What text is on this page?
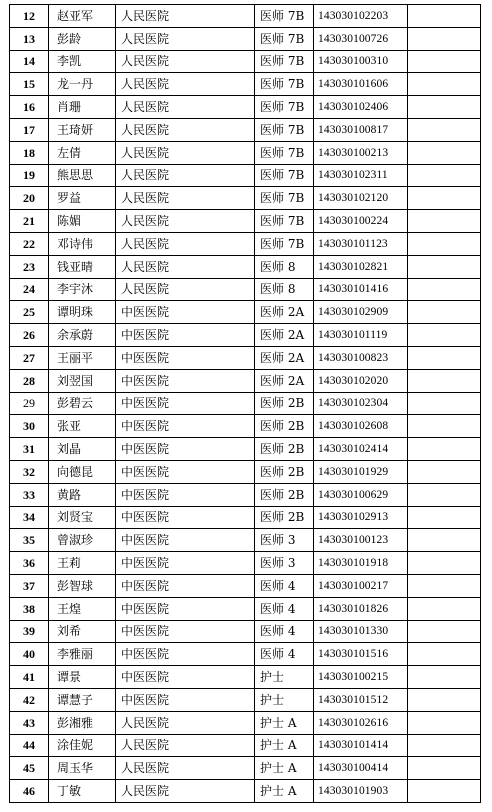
12	赵亚军	人民医院	医师 7B	143030102203	
13	彭龄	人民医院	医师 7B	143030100726	
14	李凯	人民医院	医师 7B	143030100310	
15	龙一丹	人民医院	医师 7B	143030101606	
16	肖珊	人民医院	医师 7B	143030102406	
17	王琦妍	人民医院	医师 7B	143030100817	
18	左倩	人民医院	医师 7B	143030100213	
19	熊思思	人民医院	医师 7B	143030102311	
20	罗益	人民医院	医师 7B	143030102120	
21	陈媚	人民医院	医师 7B	143030100224	
22	邓诗伟	人民医院	医师 7B	143030101123	
23	钱亚晴	人民医院	医师 8	143030102821	
24	李宇沐	人民医院	医师 8	143030101416	
25	谭明珠	中医医院	医师 2A	143030102909	
26	余承蔚	中医医院	医师 2A	143030101119	
27	王丽平	中医医院	医师 2A	143030100823	
28	刘翌国	中医医院	医师 2A	143030102020	
29	彭碧云	中医医院	医师 2B	143030102304	
30	张亚	中医医院	医师 2B	143030102608	
31	刘晶	中医医院	医师 2B	143030102414	
32	向德昆	中医医院	医师 2B	143030101929	
33	黄路	中医医院	医师 2B	143030100629	
34	刘贤宝	中医医院	医师 2B	143030102913	
35	曾淑珍	中医医院	医师 3	143030100123	
36	王莉	中医医院	医师 3	143030101918	
37	彭智球	中医医院	医师 4	143030100217	
38	王煌	中医医院	医师 4	143030101826	
39	刘希	中医医院	医师 4	143030101330	
40	李雅丽	中医医院	医师 4	143030101516	
41	谭景	中医医院	护士	143030100215	
42	谭慧子	中医医院	护士	143030101512	
43	彭湘雅	人民医院	护士 A	143030102616	
44	涂佳妮	人民医院	护士 A	143030101414	
45	周玉华	人民医院	护士 A	143030100414	
46	丁敏	人民医院	护士 A	143030101903	
